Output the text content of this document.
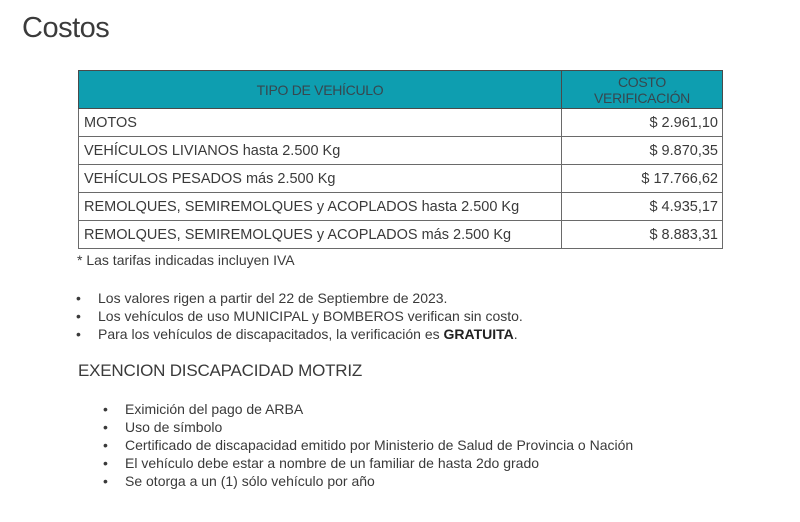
Costos
TIPO DE VEHÍCULO	COSTO VERIFICACIÓN
MOTOS	$ 2.961,10
VEHÍCULOS LIVIANOS hasta 2.500 Kg	$ 9.870,35
VEHÍCULOS PESADOS más 2.500 Kg	$ 17.766,62
REMOLQUES, SEMIREMOLQUES y ACOPLADOS hasta 2.500 Kg	$ 4.935,17
REMOLQUES, SEMIREMOLQUES y ACOPLADOS más 2.500 Kg	$ 8.883,31
* Las tarifas indicadas incluyen IVA
• Los valores rigen a partir del 22 de Septiembre de 2023.
• Los vehículos de uso MUNICIPAL y BOMBEROS verifican sin costo.
• Para los vehículos de discapacitados, la verificación es GRATUITA.
EXENCION DISCAPACIDAD MOTRIZ
• Eximición del pago de ARBA
• Uso de símbolo
• Certificado de discapacidad emitido por Ministerio de Salud de Provincia o Nación
• El vehículo debe estar a nombre de un familiar de hasta 2do grado
• Se otorga a un (1) sólo vehículo por año
